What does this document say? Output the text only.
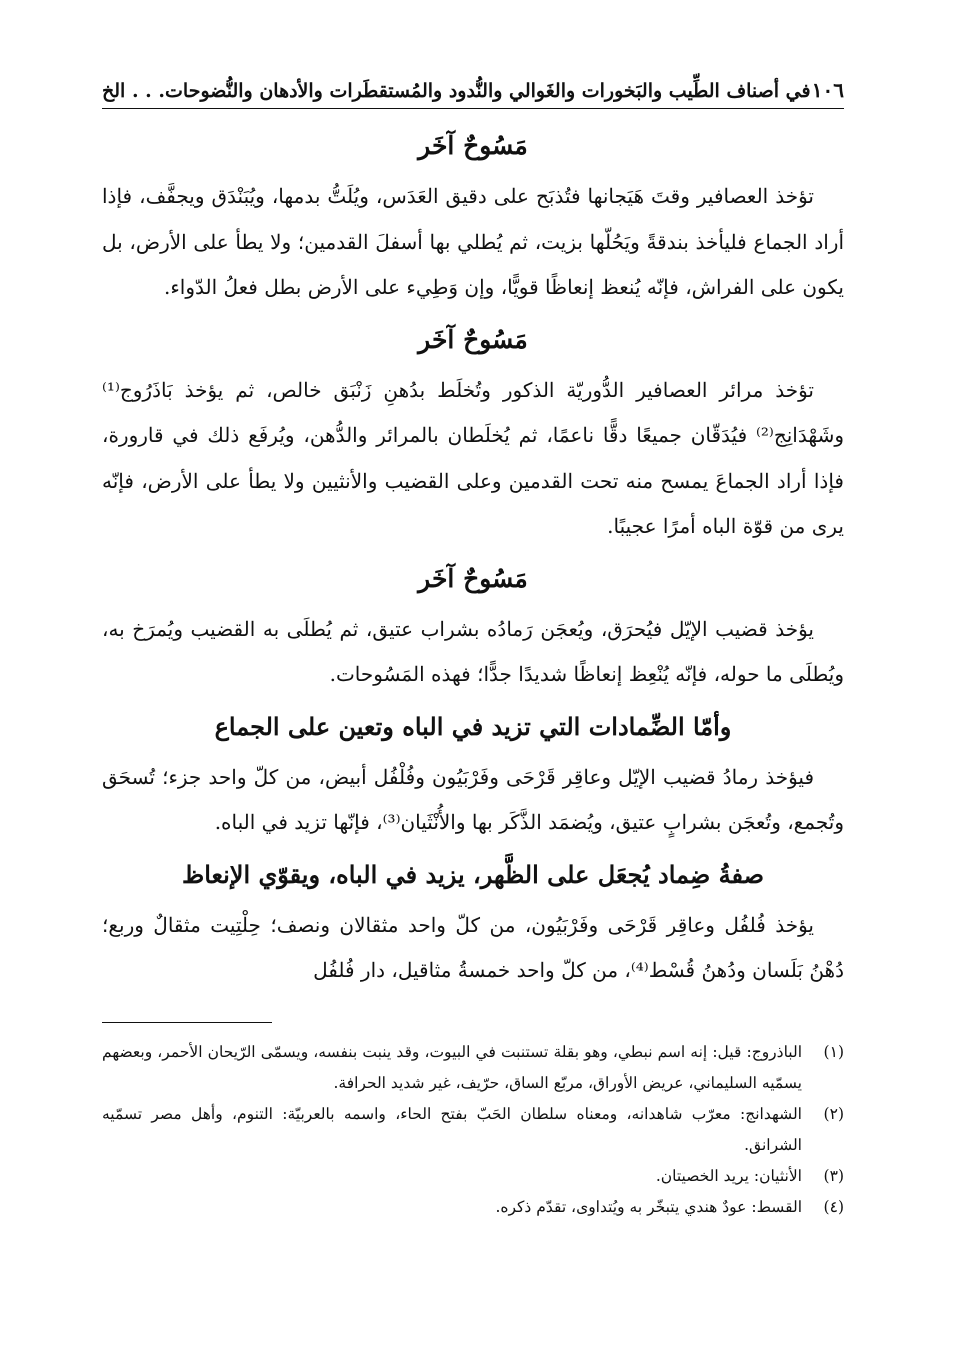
١٠٦
في أصناف الطِّيب والبَخورات والغَوالي والنُّدود والمُستقطَرات والأدهان والنُّضوحات. . . الخ
مَسُوحٌ آخَر

تؤخذ العصافير وقتَ هَيَجانها فتُذبَح على دقيق العَدَس، ويُلَتُّ بدمها، ويُبَنْدَق ويجفَّف، فإذا أراد الجماع فليأخذ بندقةً ويَحُلّها بزيت، ثم يُطلي بها أسفلَ القدمين؛ ولا يطأ على الأرض، بل يكون على الفراش، فإنّه يُنعظ إنعاظًا قويًّا، وإن وَطِيء على الأرض بطل فعلُ الدّواء.

مَسُوحٌ آخَر

تؤخذ مرائر العصافير الدُّوريّة الذكور وتُخلَط بدُهنِ زَنْبَق خالص، ثم يؤخذ بَاذَرُوج⁽¹⁾ وشَهْدَانِج⁽²⁾ فيُدَقّان جميعًا دقًّا ناعمًا، ثم يُخلَطان بالمرائر والدُّهن، ويُرفَع ذلك في قارورة، فإذا أراد الجماعَ يمسح منه تحت القدمين وعلى القضيب والأنثيين ولا يطأ على الأرض، فإنّه يرى من قوّة الباه أمرًا عجيبًا.

مَسُوحٌ آخَر

يؤخذ قضيب الإيّل فيُحرَق، ويُعجَن رَمادُه بشراب عتيق، ثم يُطلَى به القضيب ويُمرَخ به، ويُطلَى ما حوله، فإنّه يُنْعِظ إنعاظًا شديدًا جدًّا؛ فهذه المَسُوحات.

وأمّا الضِّمادات التي تزيد في الباه وتعين على الجماع

فيؤخذ رمادُ قضيب الإيّل وعاقِر قَرْحَى وفَرْبَيُون وفُلْفُل أبيض، من كلّ واحد جزء؛ تُسحَق وتُجمع، وتُعجَن بشرابٍ عتيق، ويُضمَد الذَّكَر بها والأُنْثَيان⁽³⁾، فإنّها تزيد في الباه.

صفةُ ضِماد يُجعَل على الظَّهر، يزيد في الباه، ويقوّي الإنعاظ

يؤخذ فُلفُل وعاقِر قَرْحَى وفَرْبَيُون، من كلّ واحد مثقالان ونصف؛ حِلْتِيت مثقالٌ وربع؛ دُهْنُ بَلَسان ودُهنُ قُسْط⁽⁴⁾، من كلّ واحد خمسةُ مثاقيل، دار فُلفُل

(١)
الباذروج: قيل: إنه اسم نبطي، وهو بقلة تستنبت في البيوت، وقد ينبت بنفسه، ويسمّى الرّيحان الأحمر، وبعضهم يسمّيه السليماني، عريض الأوراق، مربّع الساق، حرّيف، غير شديد الحرافة.
(٢)
الشهدانج: معرّب شاهدانه، ومعناه سلطان الحَبّ بفتح الحاء، واسمه بالعربيّة: التنوم، وأهل مصر تسمّيه الشرانق.
(٣)
الأنثيان: يريد الخصيتان.
(٤)
القسط: عودٌ هندي يتبخّر به ويُتداوى، تقدّم ذكره.
